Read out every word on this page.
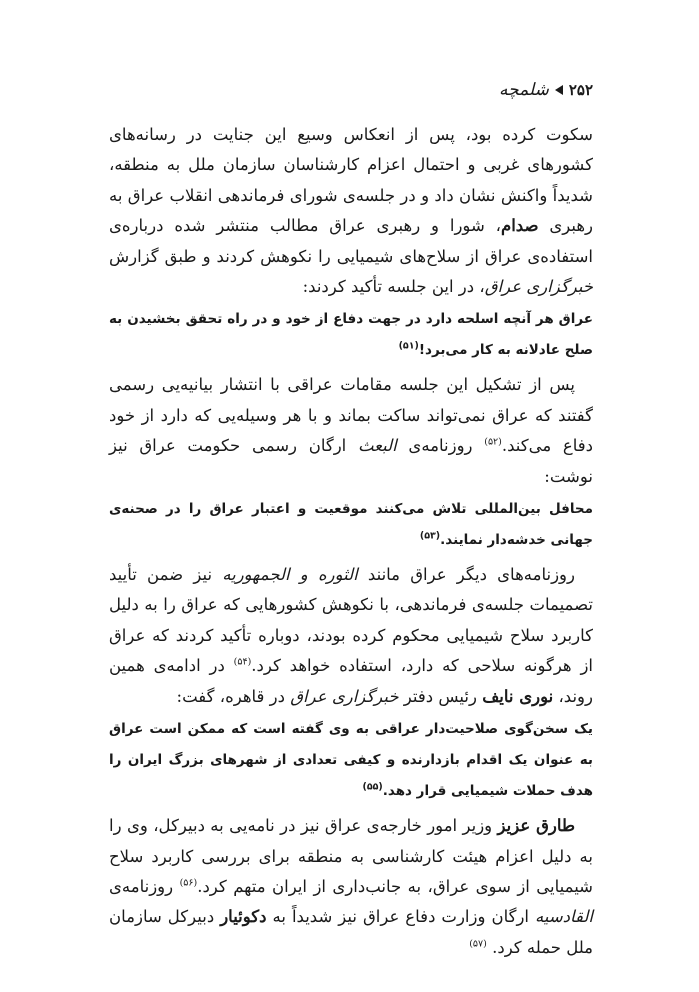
۲۵۲
شلمچه

سکوت کرده بود، پس از انعکاس وسیع این جنایت در رسانه‌های کشورهای غربی و احتمال اعزام کارشناسان سازمان ملل به منطقه، شدیداً واکنش نشان داد و در جلسه‌ی شورای فرماندهی انقلاب عراق به رهبری صدام، شورا و رهبری عراق مطالب منتشر شده درباره‌ی استفاده‌ی عراق از سلاح‌های شیمیایی را نکوهش کردند و طبق گزارش خبرگزاری عراق، در این جلسه تأکید کردند:

عراق هر آنچه اسلحه دارد در جهت دفاع از خود و در راه تحقق بخشیدن به صلح عادلانه به کار می‌برد!$^{(۵۱)}$

پس از تشکیل این جلسه مقامات عراقی با انتشار بیانیه‌یی رسمی گفتند که عراق نمی‌تواند ساکت بماند و با هر وسیله‌یی که دارد از خود دفاع می‌کند.$^{(۵۲)}$ روزنامه‌ی البعث ارگان رسمی حکومت عراق نیز نوشت:

محافل بین‌المللی تلاش می‌کنند موقعیت و اعتبار عراق را در صحنه‌ی جهانی خدشه‌دار نمایند.$^{(۵۳)}$

روزنامه‌های دیگر عراق مانند الثوره و الجمهوریه نیز ضمن تأیید تصمیمات جلسه‌ی فرماندهی، با نکوهش کشورهایی که عراق را به دلیل کاربرد سلاح شیمیایی محکوم کرده بودند، دوباره تأکید کردند که عراق از هرگونه سلاحی که دارد، استفاده خواهد کرد.$^{(۵۴)}$ در ادامه‌ی همین روند، نوری نایف رئیس دفتر خبرگزاری عراق در قاهره، گفت:

یک سخن‌گوی صلاحیت‌دار عراقی به وی گفته است که ممکن است عراق به عنوان یک اقدام بازدارنده و کیفی تعدادی از شهرهای بزرگ ایران را هدف حملات شیمیایی قرار دهد.$^{(۵۵)}$

طارق عزیز وزیر امور خارجه‌ی عراق نیز در نامه‌یی به دبیرکل، وی را به دلیل اعزام هیئت کارشناسی به منطقه برای بررسی کاربرد سلاح شیمیایی از سوی عراق، به جانب‌داری از ایران متهم کرد.$^{(۵۶)}$ روزنامه‌ی القادسیه ارگان وزارت دفاع عراق نیز شدیداً به دکوئیار دبیرکل سازمان ملل حمله کرد. $^{(۵۷)}$
